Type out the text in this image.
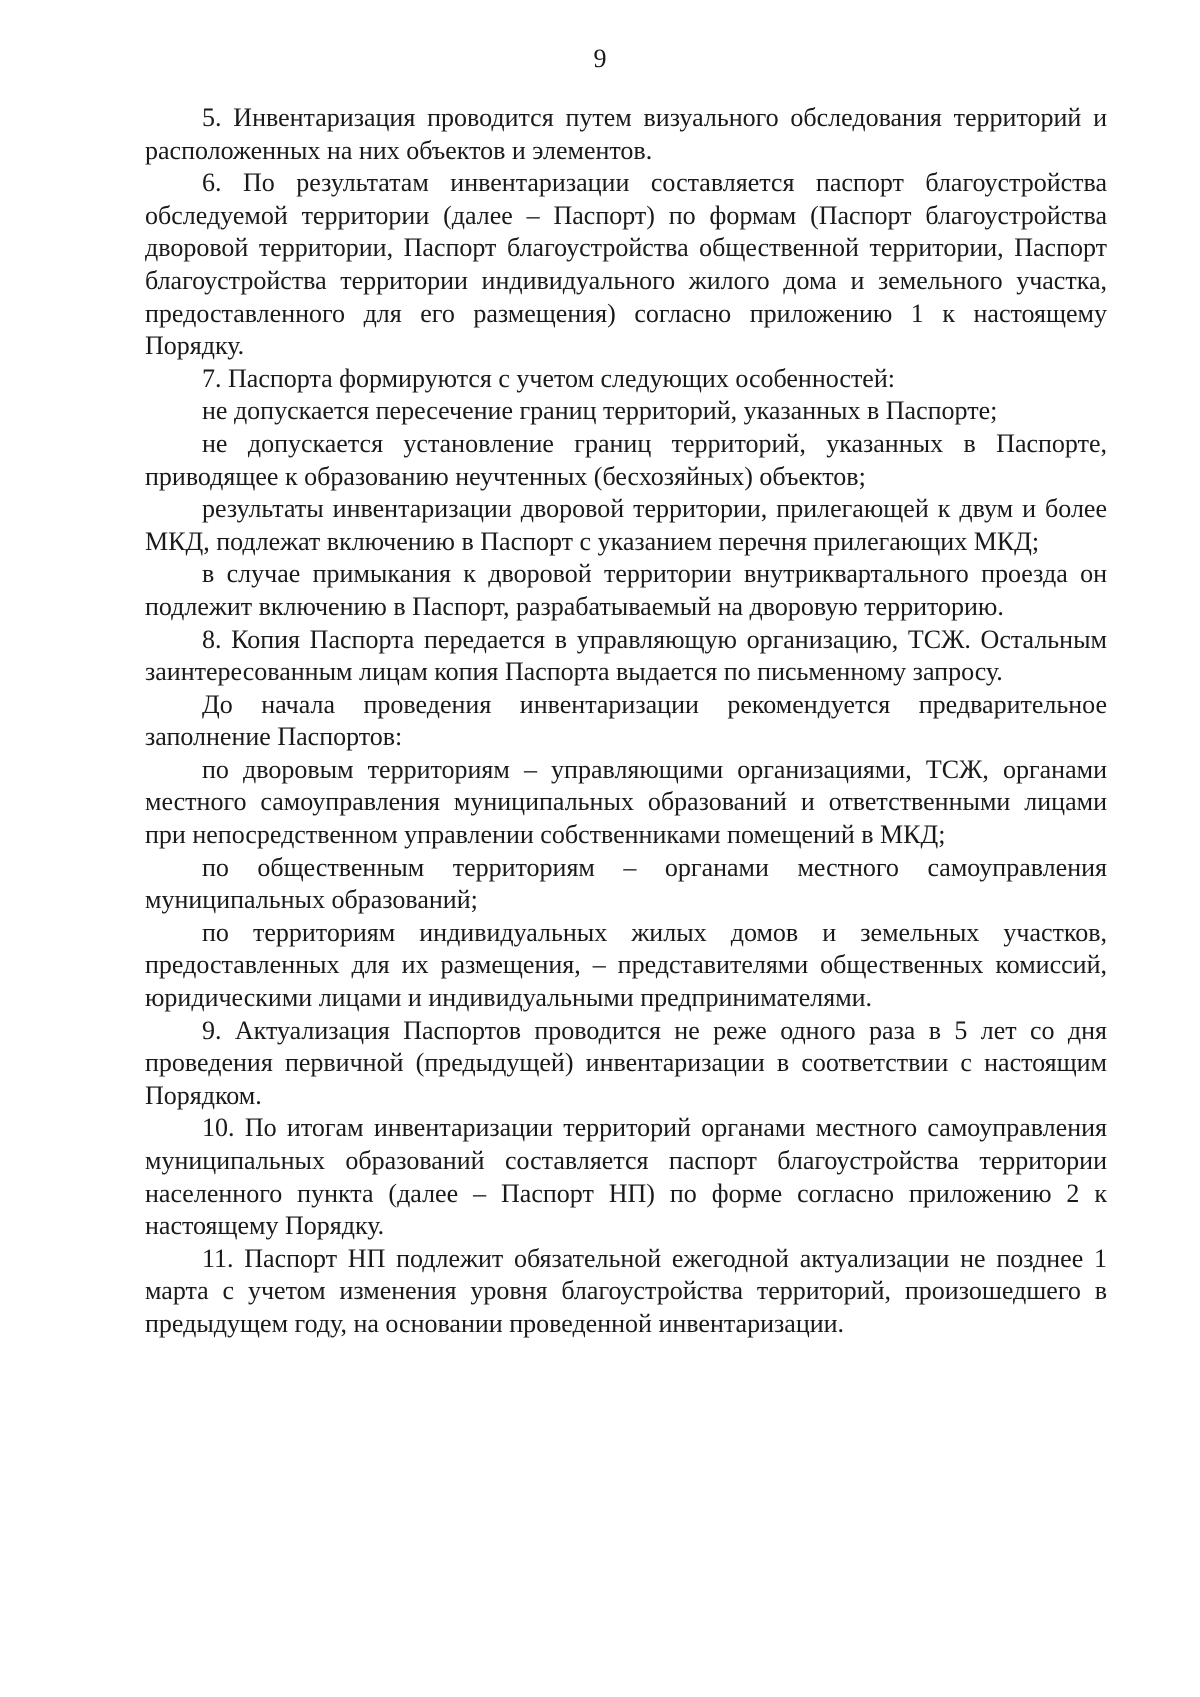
9

5. Инвентаризация проводится путем визуального обследования территорий и расположенных на них объектов и элементов.

6. По результатам инвентаризации составляется паспорт благоустройства обследуемой территории (далее – Паспорт) по формам (Паспорт благоустройства дворовой территории, Паспорт благоустройства общественной территории, Паспорт благоустройства территории индивидуального жилого дома и земельного участка, предоставленного для его размещения) согласно приложению 1 к настоящему Порядку.

7. Паспорта формируются с учетом следующих особенностей:

не допускается пересечение границ территорий, указанных в Паспорте;

не допускается установление границ территорий, указанных в Паспорте, приводящее к образованию неучтенных (бесхозяйных) объектов;

результаты инвентаризации дворовой территории, прилегающей к двум и более МКД, подлежат включению в Паспорт с указанием перечня прилегающих МКД;

в случае примыкания к дворовой территории внутриквартального проезда он подлежит включению в Паспорт, разрабатываемый на дворовую территорию.

8. Копия Паспорта передается в управляющую организацию, ТСЖ. Остальным заинтересованным лицам копия Паспорта выдается по письменному запросу.

До начала проведения инвентаризации рекомендуется предварительное заполнение Паспортов:

по дворовым территориям – управляющими организациями, ТСЖ, органами местного самоуправления муниципальных образований и ответственными лицами при непосредственном управлении собственниками помещений в МКД;

по общественным территориям – органами местного самоуправления муниципальных образований;

по территориям индивидуальных жилых домов и земельных участков, предоставленных для их размещения, – представителями общественных комиссий, юридическими лицами и индивидуальными предпринимателями.

9. Актуализация Паспортов проводится не реже одного раза в 5 лет со дня проведения первичной (предыдущей) инвентаризации в соответствии с настоящим Порядком.

10. По итогам инвентаризации территорий органами местного самоуправления муниципальных образований составляется паспорт благоустройства территории населенного пункта (далее – Паспорт НП) по форме согласно приложению 2 к настоящему Порядку.

11. Паспорт НП подлежит обязательной ежегодной актуализации не позднее 1 марта с учетом изменения уровня благоустройства территорий, произошедшего в предыдущем году, на основании проведенной инвентаризации.
